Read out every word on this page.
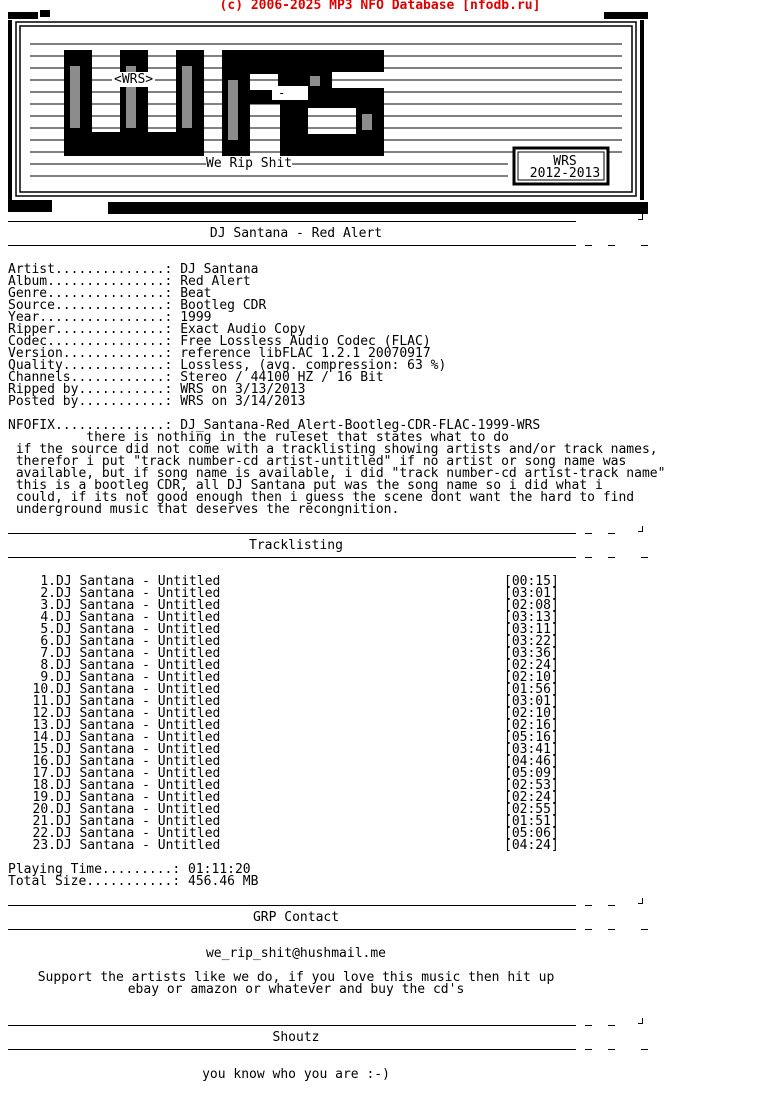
(c) 2006-2025 MP3 NFO Database [nfodb.ru]
-
<WRS>
We Rip Shit	WRS
2012-2013
DJ Santana - Red Alert
Artist..............: DJ Santana
Album...............: Red Alert
Genre...............: Beat
Source..............: Bootleg CDR
Year................: 1999
Ripper..............: Exact Audio Copy
Codec...............: Free Lossless Audio Codec (FLAC)
Version.............: reference libFLAC 1.2.1 20070917
Quality.............: Lossless, (avg. compression: 63 %)
Channels............: Stereo / 44100 HZ / 16 Bit
Ripped by...........: WRS on 3/13/2013
Posted by...........: WRS on 3/14/2013
NFOFIX..............: DJ_Santana-Red_Alert-Bootleg-CDR-FLAC-1999-WRS
there is nothing in the ruleset that states what to do
if the source did not come with a tracklisting showing artists and/or track names,
therefor i put "track number-cd artist-untitled" if no artist or song name was
available, but if song name is available, i did "track number-cd artist-track name"
this is a bootleg CDR, all DJ Santana put was the song name so i did what i
could, if its not good enough then i guess the scene dont want the hard to find
underground music that deserves the recongnition.
Tracklisting
1. DJ Santana - Untitled	[00:15]
2. DJ Santana - Untitled	[03:01]
3. DJ Santana - Untitled	[02:08]
4. DJ Santana - Untitled	[03:13]
5. DJ Santana - Untitled	[03:11]
6. DJ Santana - Untitled	[03:22]
7. DJ Santana - Untitled	[03:36]
8. DJ Santana - Untitled	[02:24]
9. DJ Santana - Untitled	[02:10]
10. DJ Santana - Untitled	[01:56]
11. DJ Santana - Untitled	[03:01]
12. DJ Santana - Untitled	[02:10]
13. DJ Santana - Untitled	[02:16]
14. DJ Santana - Untitled	[05:16]
15. DJ Santana - Untitled	[03:41]
16. DJ Santana - Untitled	[04:46]
17. DJ Santana - Untitled	[05:09]
18. DJ Santana - Untitled	[02:53]
19. DJ Santana - Untitled	[02:24]
20. DJ Santana - Untitled	[02:55]
21. DJ Santana - Untitled	[01:51]
22. DJ Santana - Untitled	[05:06]
23. DJ Santana - Untitled	[04:24]
Playing Time.........: 01:11:20
Total Size...........: 456.46 MB
GRP Contact
we_rip_shit@hushmail.me
Support the artists like we do, if you love this music then hit up
ebay or amazon or whatever and buy the cd's
Shoutz
you know who you are :-)
